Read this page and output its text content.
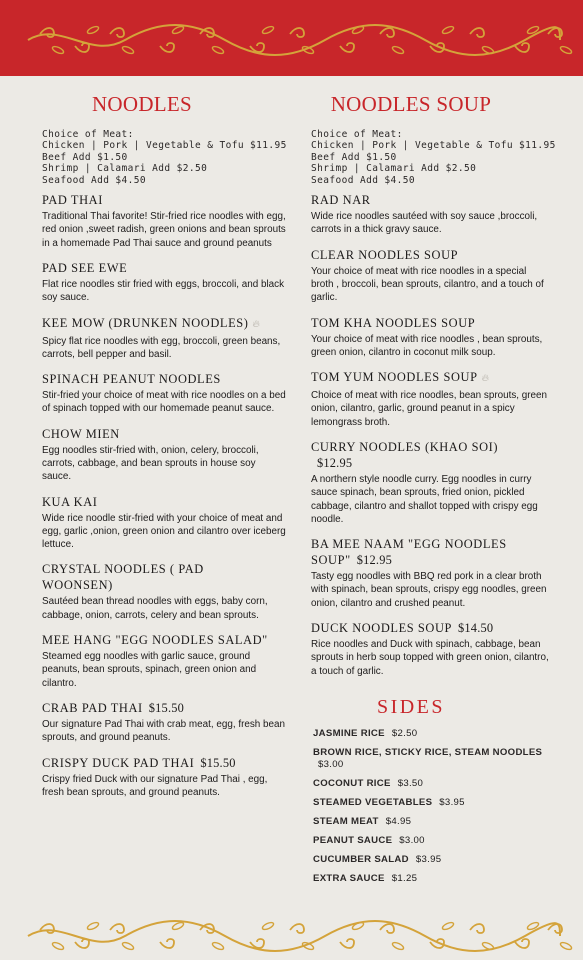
NOODLES
Choice of Meat:
Chicken | Pork | Vegetable & Tofu $11.95
Beef Add $1.50
Shrimp | Calamari Add $2.50
Seafood Add $4.50
PAD THAI
Traditional Thai favorite! Stir-fried rice noodles with egg, red onion ,sweet radish, green onions and bean sprouts in a homemade Pad Thai sauce and ground peanuts
PAD SEE EWE
Flat rice noodles stir fried with eggs, broccoli, and black soy sauce.
KEE MOW (DRUNKEN NOODLES) 🔥︎
Spicy flat rice noodles with egg, broccoli, green beans, carrots, bell pepper and basil.
SPINACH PEANUT NOODLES
Stir-fried your choice of meat with rice noodles on a bed of spinach topped with our homemade peanut sauce.
CHOW MIEN
Egg noodles stir-fried with, onion, celery, broccoli, carrots, cabbage, and bean sprouts in house soy sauce.
KUA KAI
Wide rice noodle stir-fried with your choice of meat and egg, garlic ,onion, green onion and cilantro over iceberg lettuce.
CRYSTAL NOODLES ( PAD WOONSEN)
Sautéed bean thread noodles with eggs, baby corn, cabbage, onion, carrots, celery and bean sprouts.
MEE HANG "EGG NOODLES SALAD"
Steamed egg noodles with garlic sauce, ground peanuts, bean sprouts, spinach, green onion and cilantro.
CRAB PAD THAI $15.50
Our signature Pad Thai with crab meat, egg, fresh bean sprouts, and ground peanuts.
CRISPY DUCK PAD THAI $15.50
Crispy fried Duck with our signature Pad Thai , egg, fresh bean sprouts, and ground peanuts.
NOODLES SOUP
Choice of Meat:
Chicken | Pork | Vegetable & Tofu $11.95
Beef Add $1.50
Shrimp | Calamari Add $2.50
Seafood Add $4.50
RAD NAR
Wide rice noodles sautéed with soy sauce ,broccoli, carrots in a thick gravy sauce.
CLEAR NOODLES SOUP
Your choice of meat with rice noodles in a special broth , broccoli, bean sprouts, cilantro, and a touch of garlic.
TOM KHA NOODLES SOUP
Your choice of meat with rice noodles , bean sprouts, green onion, cilantro in coconut milk soup.
TOM YUM NOODLES SOUP 🔥︎
Choice of meat with rice noodles, bean sprouts, green onion, cilantro, garlic, ground peanut in a spicy lemongrass broth.
CURRY NOODLES (KHAO SOI)
$12.95
A northern style noodle curry. Egg noodles in curry sauce spinach, bean sprouts, fried onion, pickled cabbage, cilantro and shallot topped with crispy egg noodle.
BA MEE NAAM "EGG NOODLES SOUP" $12.95
Tasty egg noodles with BBQ red pork in a clear broth with spinach, bean sprouts, crispy egg noodles, green onion, cilantro and crushed peanut.
DUCK NOODLES SOUP $14.50
Rice noodles and Duck with spinach, cabbage, bean sprouts in herb soup topped with green onion, cilantro, a touch of garlic.
SIDES
JASMINE RICE $2.50
BROWN RICE, STICKY RICE, STEAM NOODLES
$3.00
COCONUT RICE $3.50
STEAMED VEGETABLES $3.95
STEAM MEAT $4.95
PEANUT SAUCE $3.00
CUCUMBER SALAD $3.95
EXTRA SAUCE $1.25
